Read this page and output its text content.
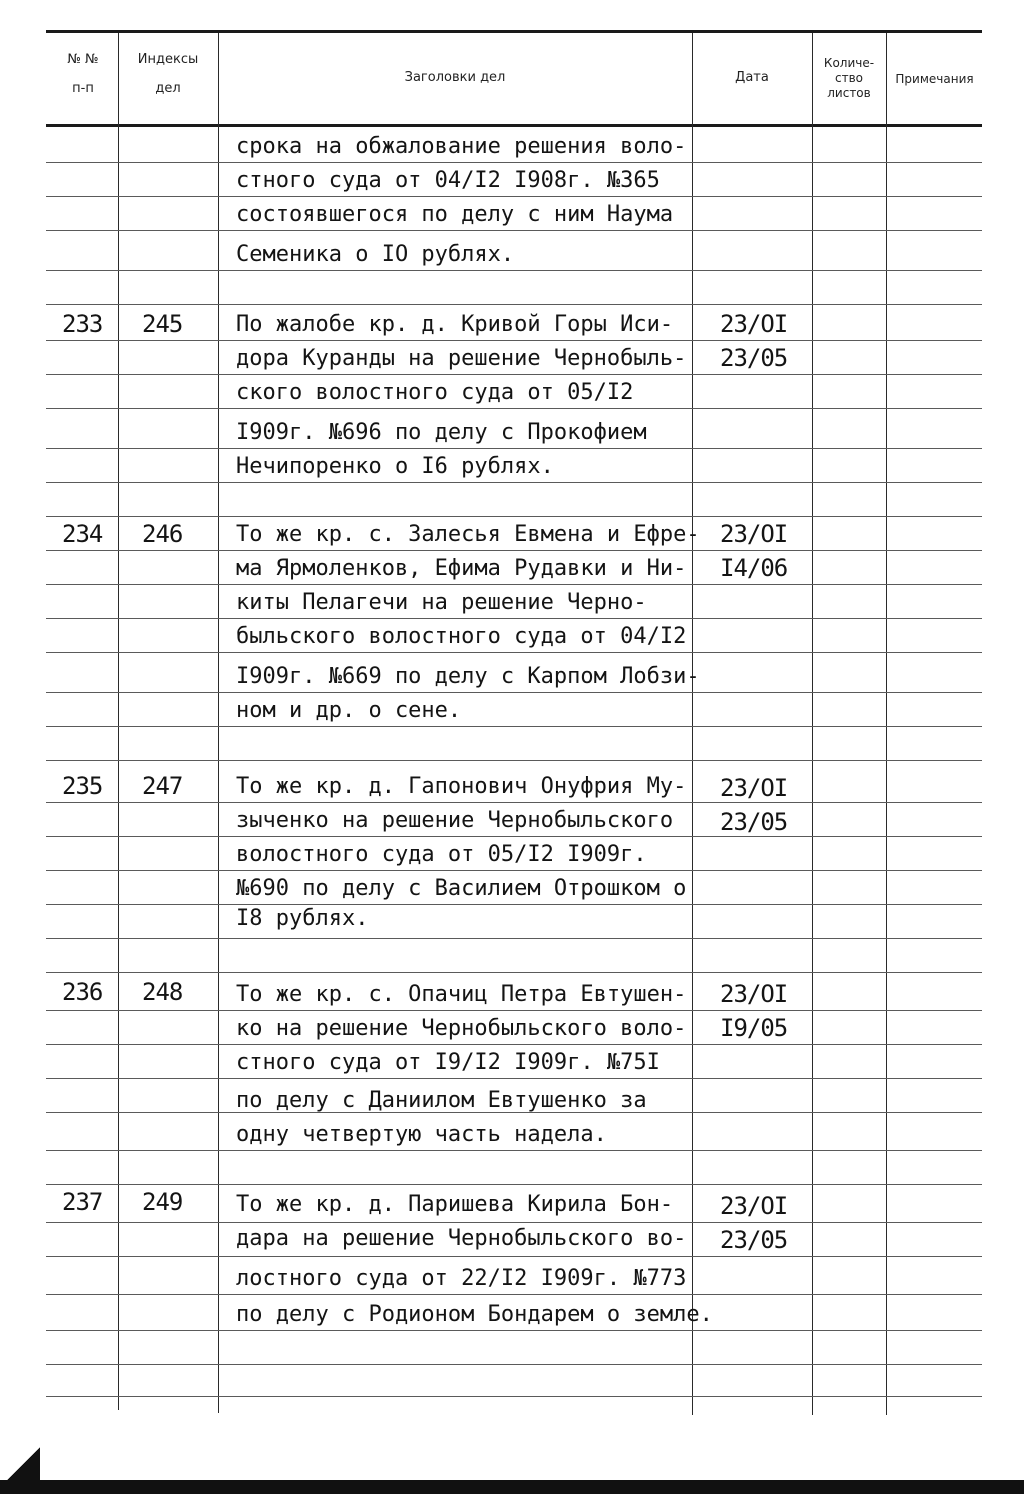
№ №
п-п
Индексы
дел
Заголовки дел	Дата
Количе-
ство
листов
Примечания
срока на обжалование решения воло-
стного суда от 04/I2 I908г. №365
состоявшегося по делу с ним Наума
Семеника о IO рублях.
233 245 По жалобе кр. д. Кривой Горы Иси-
дора Куранды на решение Чернобыль-
ского волостного суда от 05/I2
I909г. №696 по делу с Прокофием
Нечипоренко о I6 рублях.
23/OI
23/05
234 246 То же кр. с. Залесья Евмена и Ефре-
ма Ярмоленков, Ефима Рудавки и Ни-
киты Пелагечи на решение Черно-
быльского волостного суда от 04/I2
I909г. №669 по делу с Карпом Лобзи-
ном и др. о сене.
23/OI
I4/06
235 247 То же кр. д. Гапонович Онуфрия Му-
зыченко на решение Чернобыльского
волостного суда от 05/I2 I909г.
№690 по делу с Василием Отрошком о
I8 рублях.
23/OI
23/05
236 248 То же кр. с. Опачиц Петра Евтушен-
ко на решение Чернобыльского воло-
стного суда от I9/I2 I909г. №75I
по делу с Даниилом Евтушенко за
одну четвертую часть надела.
23/OI
I9/05
237 249 То же кр. д. Паришева Кирила Бон-
дара на решение Чернобыльского во-
лостного суда от 22/I2 I909г. №773
по делу с Родионом Бондарем о земле.
23/OI
23/05
